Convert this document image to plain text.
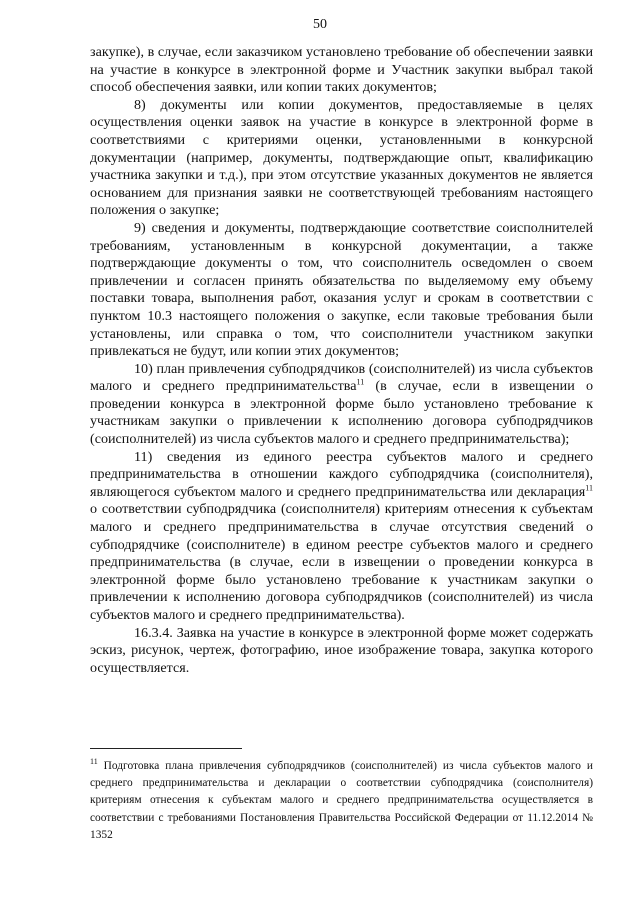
50

закупке), в случае, если заказчиком установлено требование об обеспечении заявки на участие в конкурсе в электронной форме и Участник закупки выбрал такой способ обеспечения заявки, или копии таких документов;

8) документы или копии документов, предоставляемые в целях осуществления оценки заявок на участие в конкурсе в электронной форме в соответствиями с критериями оценки, установленными в конкурсной документации (например, документы, подтверждающие опыт, квалификацию участника закупки и т.д.), при этом отсутствие указанных документов не является основанием для признания заявки не соответствующей требованиям настоящего положения о закупке;

9) сведения и документы, подтверждающие соответствие соисполнителей требованиям, установленным в конкурсной документации, а также подтверждающие документы о том, что соисполнитель осведомлен о своем привлечении и согласен принять обязательства по выделяемому ему объему поставки товара, выполнения работ, оказания услуг и срокам в соответствии с пунктом 10.3 настоящего положения о закупке, если таковые требования были установлены, или справка о том, что соисполнители участником закупки привлекаться не будут, или копии этих документов;

10) план привлечения субподрядчиков (соисполнителей) из числа субъектов малого и среднего предпринимательства$^{11}$ (в случае, если в извещении о проведении конкурса в электронной форме было установлено требование к участникам закупки о привлечении к исполнению договора субподрядчиков (соисполнителей) из числа субъектов малого и среднего предпринимательства);

11) сведения из единого реестра субъектов малого и среднего предпринимательства в отношении каждого субподрядчика (соисполнителя), являющегося субъектом малого и среднего предпринимательства или декларация$^{11}$ о соответствии субподрядчика (соисполнителя) критериям отнесения к субъектам малого и среднего предпринимательства в случае отсутствия сведений о субподрядчике (соисполнителе) в едином реестре субъектов малого и среднего предпринимательства (в случае, если в извещении о проведении конкурса в электронной форме было установлено требование к участникам закупки о привлечении к исполнению договора субподрядчиков (соисполнителей) из числа субъектов малого и среднего предпринимательства).

16.3.4. Заявка на участие в конкурсе в электронной форме может содержать эскиз, рисунок, чертеж, фотографию, иное изображение товара, закупка которого осуществляется.

$^{11}$ Подготовка плана привлечения субподрядчиков (соисполнителей) из числа субъектов малого и среднего предпринимательства и декларации о соответствии субподрядчика (соисполнителя) критериям отнесения к субъектам малого и среднего предпринимательства осуществляется в соответствии с требованиями Постановления Правительства Российской Федерации от 11.12.2014 № 1352
